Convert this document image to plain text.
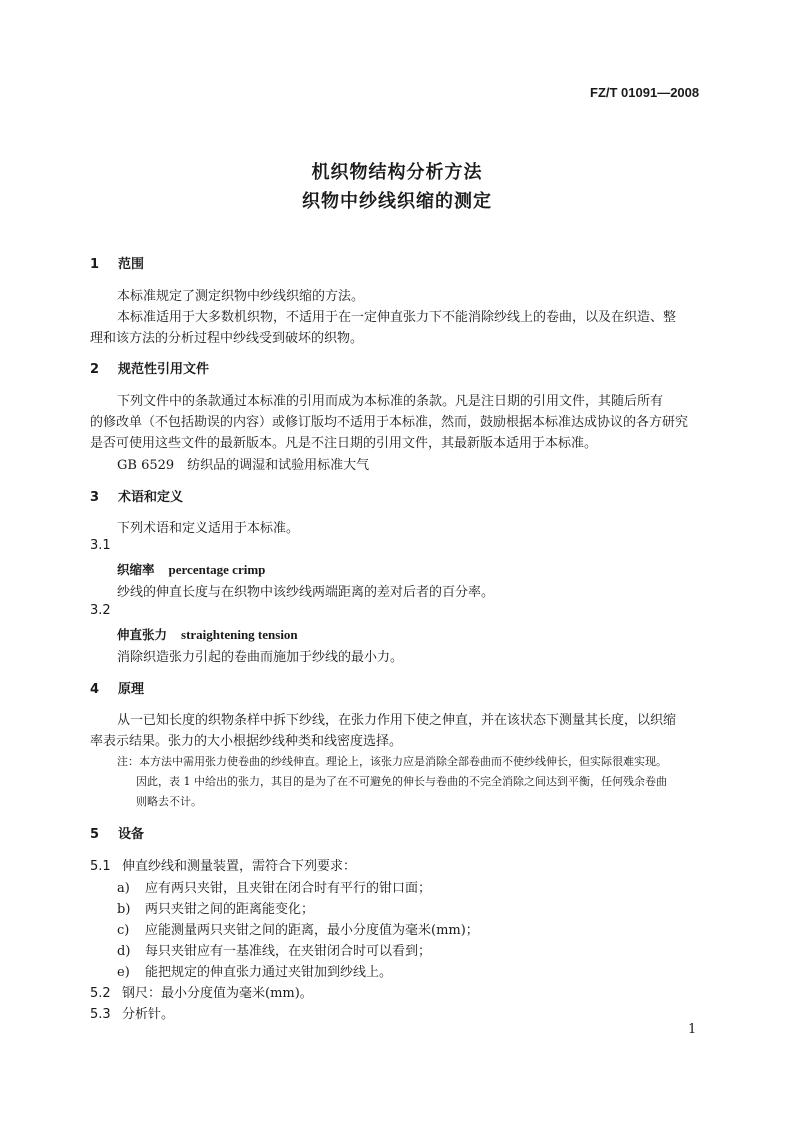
FZ/T 01091—2008
机织物结构分析方法
织物中纱线织缩的测定
1 范围
本标准规定了测定织物中纱线织缩的方法。
本标准适用于大多数机织物，不适用于在一定伸直张力下不能消除纱线上的卷曲，以及在织造、整
理和该方法的分析过程中纱线受到破坏的织物。
2 规范性引用文件
下列文件中的条款通过本标准的引用而成为本标准的条款。凡是注日期的引用文件，其随后所有
的修改单（不包括勘误的内容）或修订版均不适用于本标准，然而，鼓励根据本标准达成协议的各方研究
是否可使用这些文件的最新版本。凡是不注日期的引用文件，其最新版本适用于本标准。
GB 6529　纺织品的调湿和试验用标准大气
3 术语和定义
下列术语和定义适用于本标准。
3.1
织缩率 percentage crimp
纱线的伸直长度与在织物中该纱线两端距离的差对后者的百分率。
3.2
伸直张力 straightening tension
消除织造张力引起的卷曲而施加于纱线的最小力。
4 原理
从一已知长度的织物条样中拆下纱线，在张力作用下使之伸直，并在该状态下测量其长度，以织缩
率表示结果。张力的大小根据纱线种类和线密度选择。
注：本方法中需用张力使卷曲的纱线伸直。理论上，该张力应是消除全部卷曲而不使纱线伸长，但实际很难实现。
因此，表 1 中给出的张力，其目的是为了在不可避免的伸长与卷曲的不完全消除之间达到平衡，任何残余卷曲
则略去不计。
5 设备
5.1 伸直纱线和测量装置，需符合下列要求：
a) 应有两只夹钳，且夹钳在闭合时有平行的钳口面；
b) 两只夹钳之间的距离能变化；
c) 应能测量两只夹钳之间的距离，最小分度值为毫米(mm)；
d) 每只夹钳应有一基准线，在夹钳闭合时可以看到；
e) 能把规定的伸直张力通过夹钳加到纱线上。
5.2 钢尺：最小分度值为毫米(mm)。
5.3 分析针。
1
